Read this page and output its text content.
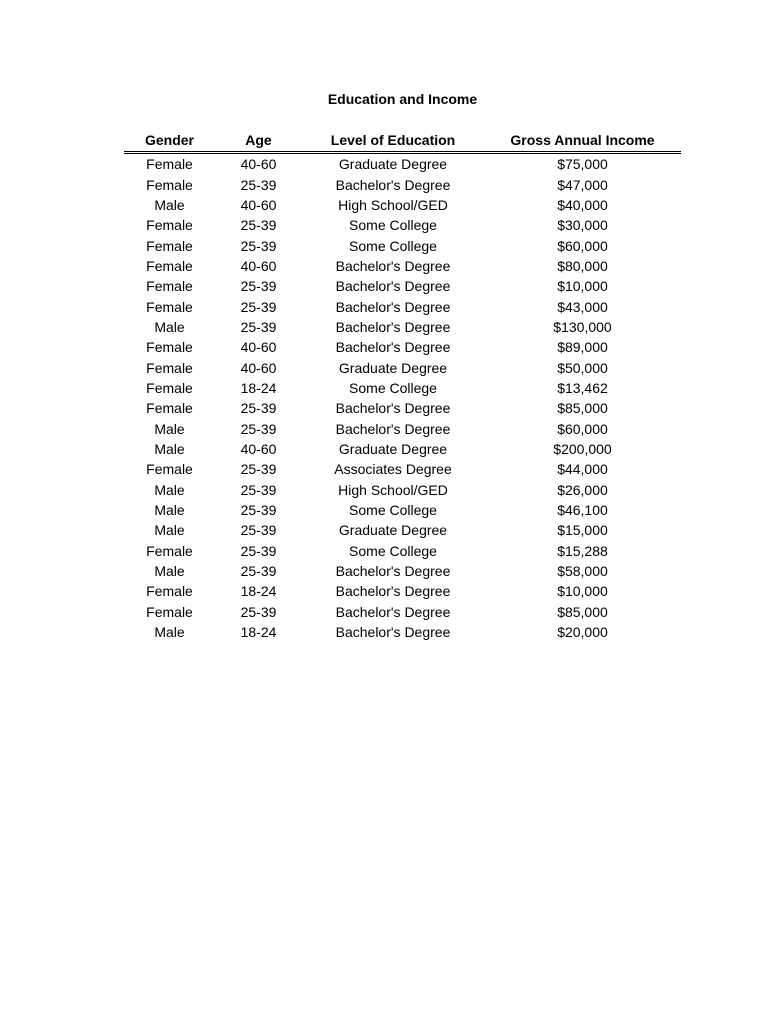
Education and Income
Gender	Age	Level of Education	Gross Annual Income
Female	40-60	Graduate Degree	$75,000
Female	25-39	Bachelor's Degree	$47,000
Male	40-60	High School/GED	$40,000
Female	25-39	Some College	$30,000
Female	25-39	Some College	$60,000
Female	40-60	Bachelor's Degree	$80,000
Female	25-39	Bachelor's Degree	$10,000
Female	25-39	Bachelor's Degree	$43,000
Male	25-39	Bachelor's Degree	$130,000
Female	40-60	Bachelor's Degree	$89,000
Female	40-60	Graduate Degree	$50,000
Female	18-24	Some College	$13,462
Female	25-39	Bachelor's Degree	$85,000
Male	25-39	Bachelor's Degree	$60,000
Male	40-60	Graduate Degree	$200,000
Female	25-39	Associates Degree	$44,000
Male	25-39	High School/GED	$26,000
Male	25-39	Some College	$46,100
Male	25-39	Graduate Degree	$15,000
Female	25-39	Some College	$15,288
Male	25-39	Bachelor's Degree	$58,000
Female	18-24	Bachelor's Degree	$10,000
Female	25-39	Bachelor's Degree	$85,000
Male	18-24	Bachelor's Degree	$20,000
